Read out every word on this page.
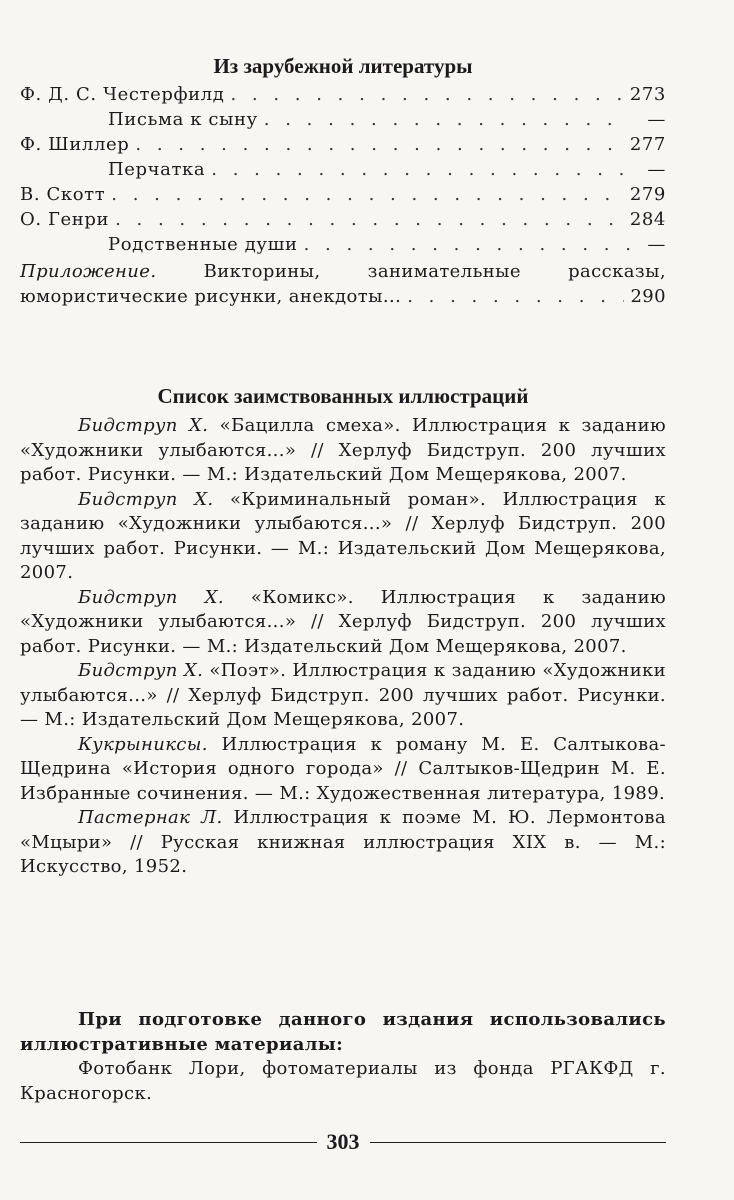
Из зарубежной литературы
Ф. Д. С. Честерфилд . . .	273
Письма к сыну . . .	—
Ф. Шиллер . . .	277
Перчатка . . .	—
В. Скотт . . .	279
О. Генри . . .	284
Родственные души . . .	—
Приложение.	Викторины, занимательные рассказы,
юмористические рисунки, анекдоты... . . .	290
Список заимствованных иллюстраций

Бидструп Х. «Бацилла смеха». Иллюстрация к заданию «Художники улыбаются...» // Херлуф Бидструп. 200 лучших работ. Рисунки. — М.: Издательский Дом Мещерякова, 2007.

Бидструп Х. «Криминальный роман». Иллюстрация к заданию «Художники улыбаются...» // Херлуф Бидструп. 200 лучших работ. Рисунки. — М.: Издательский Дом Мещерякова, 2007.

Бидструп Х. «Комикс». Иллюстрация к заданию «Художники улыбаются...» // Херлуф Бидструп. 200 лучших работ. Рисунки. — М.: Издательский Дом Мещерякова, 2007.

Бидструп Х. «Поэт». Иллюстрация к заданию «Художники улыбаются...» // Херлуф Бидструп. 200 лучших работ. Рисунки. — М.: Издательский Дом Мещерякова, 2007.

Кукрыниксы. Иллюстрация к роману М. Е. Салтыкова-Щедрина «История одного города» // Салтыков-Щедрин М. Е. Избранные сочинения. — М.: Художественная литература, 1989.

Пастернак Л. Иллюстрация к поэме М. Ю. Лермонтова «Мцыри» // Русская книжная иллюстрация XIX в. — М.: Искусство, 1952.

При подготовке данного издания использовались иллюстративные материалы:
Фотобанк Лори, фотоматериалы из фонда РГАКФД г. Красногорск.
303
